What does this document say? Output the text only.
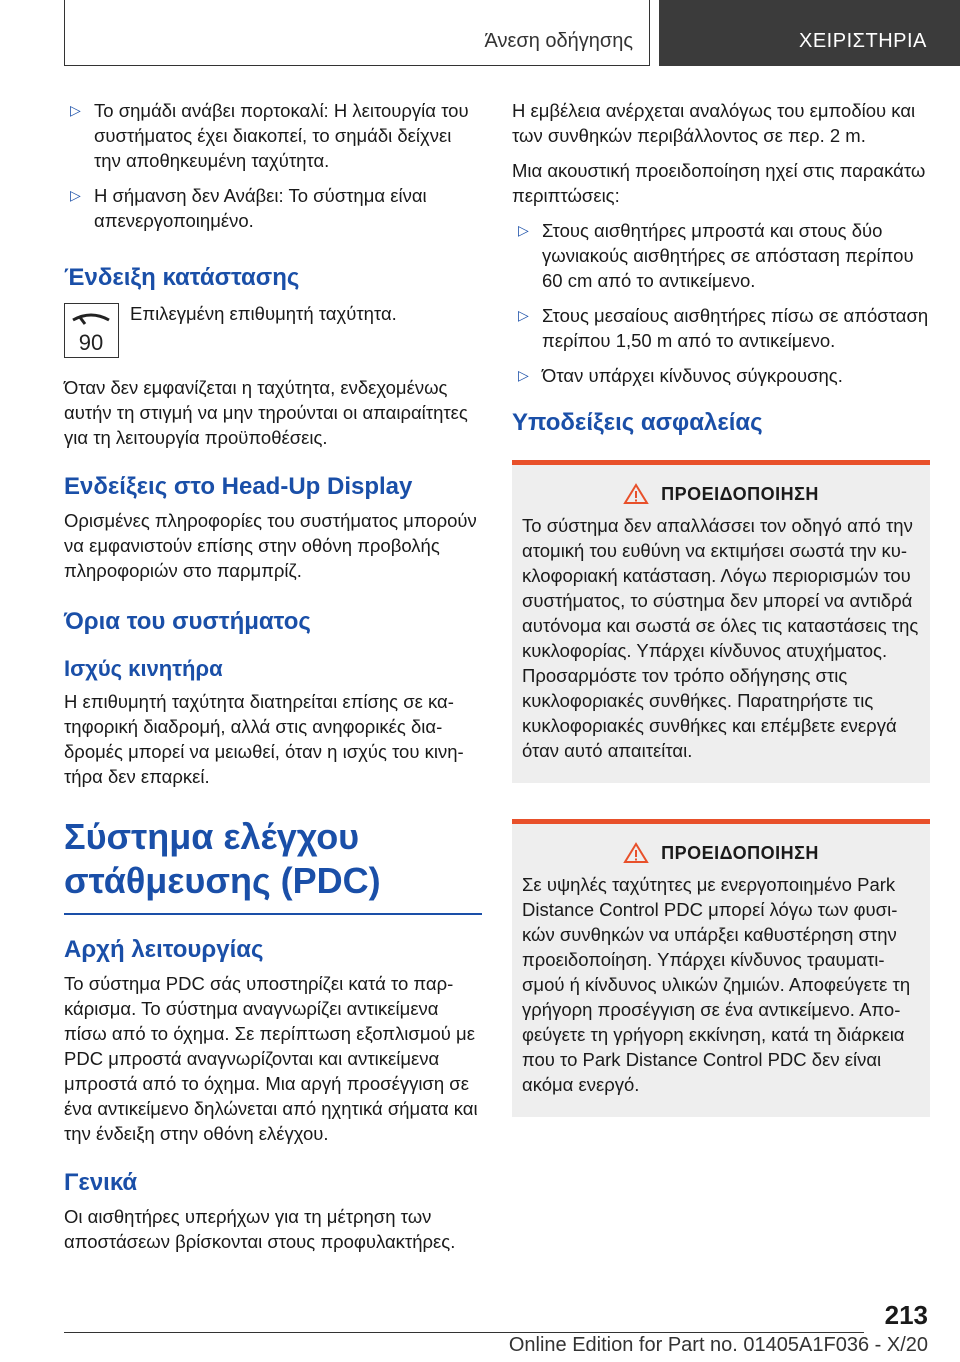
Άνεση οδήγησης	ΧΕΙΡΙΣΤΗΡΙΑ
▷ Το σημάδι ανάβει πορτοκαλί: Η λειτουργία του συστήματος έχει διακοπεί, το σημάδι δείχνει την αποθηκευμένη ταχύτητα.
▷ Η σήμανση δεν Ανάβει: Το σύστημα είναι απενεργοποιημένο.
Ένδειξη κατάστασης
90
Επιλεγμένη επιθυμητή ταχύτητα.

Όταν δεν εμφανίζεται η ταχύτητα, ενδεχομένως αυτήν τη στιγμή να μην τηρούνται οι απαιραίτητες για τη λειτουργία προϋποθέσεις.

Ενδείξεις στο Head-Up Display

Ορισμένες πληροφορίες του συστήματος μπορούν να εμφανιστούν επίσης στην οθόνη προβολής πληροφοριών στο παρμπρίζ.

Όρια του συστήματος
Ισχύς κινητήρα

Η επιθυμητή ταχύτητα διατηρείται επίσης σε κατηφορική διαδρομή, αλλά στις ανηφορικές διαδρομές μπορεί να μειωθεί, όταν η ισχύς του κινητήρα δεν επαρκεί.

Σύστημα ελέγχου
στάθμευσης (PDC)
Αρχή λειτουργίας

Το σύστημα PDC σάς υποστηρίζει κατά το παρκάρισμα. Το σύστημα αναγνωρίζει αντικείμενα πίσω από το όχημα. Σε περίπτωση εξοπλισμού με PDC μπροστά αναγνωρίζονται και αντικείμενα μπροστά από το όχημα. Μια αργή προσέγγιση σε ένα αντικείμενο δηλώνεται από ηχητικά σήματα και την ένδειξη στην οθόνη ελέγχου.

Γενικά

Οι αισθητήρες υπερήχων για τη μέτρηση των αποστάσεων βρίσκονται στους προφυλακτήρες.

Η εμβέλεια ανέρχεται αναλόγως του εμποδίου και των συνθηκών περιβάλλοντος σε περ. 2 m.

Μια ακουστική προειδοποίηση ηχεί στις παρακάτω περιπτώσεις:

▷ Στους αισθητήρες μπροστά και στους δύο γωνιακούς αισθητήρες σε απόσταση περίπου 60 cm από το αντικείμενο.
▷ Στους μεσαίους αισθητήρες πίσω σε απόσταση περίπου 1,50 m από το αντικείμενο.
▷ Όταν υπάρχει κίνδυνος σύγκρουσης.
Υποδείξεις ασφαλείας
ΠΡΟΕΙΔΟΠΟΙΗΣΗ

Το σύστημα δεν απαλλάσσει τον οδηγό από την ατομική του ευθύνη να εκτιμήσει σωστά την κυκλοφοριακή κατάσταση. Λόγω περιορισμών του συστήματος, το σύστημα δεν μπορεί να αντιδρά αυτόνομα και σωστά σε όλες τις καταστάσεις της κυκλοφορίας. Υπάρχει κίνδυνος ατυχήματος. Προσαρμόστε τον τρόπο οδήγησης στις κυκλοφοριακές συνθήκες. Παρατηρήστε τις κυκλοφοριακές συνθήκες και επέμβετε ενεργά όταν αυτό απαιτείται.

ΠΡΟΕΙΔΟΠΟΙΗΣΗ

Σε υψηλές ταχύτητες με ενεργοποιημένο Park Distance Control PDC μπορεί λόγω των φυσικών συνθηκών να υπάρξει καθυστέρηση στην προειδοποίηση. Υπάρχει κίνδυνος τραυματισμού ή κίνδυνος υλικών ζημιών. Αποφεύγετε τη γρήγορη προσέγγιση σε ένα αντικείμενο. Αποφεύγετε τη γρήγορη εκκίνηση, κατά τη διάρκεια που το Park Distance Control PDC δεν είναι ακόμα ενεργό.

213
Online Edition for Part no. 01405A1F036 - X/20
